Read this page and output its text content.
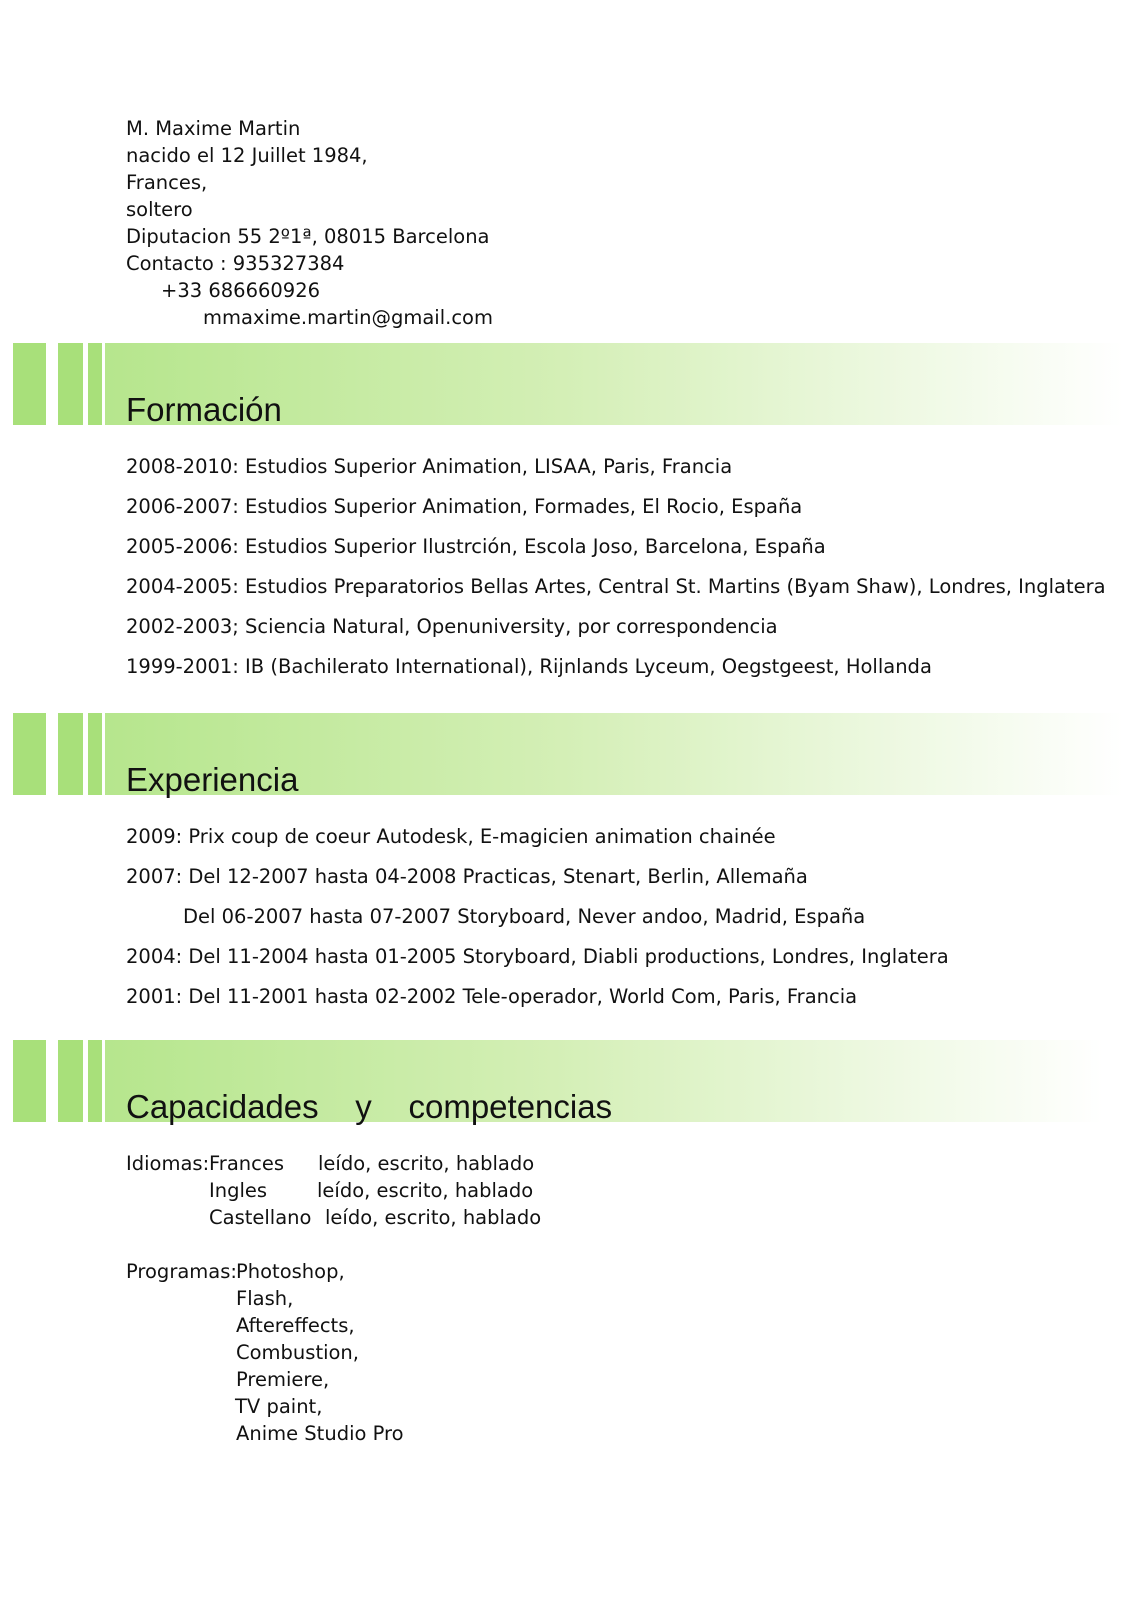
M. Maxime Martin
nacido el 12 Juillet 1984,
Frances,
soltero
Diputacion 55 2º1ª, 08015 Barcelona
Contacto : 935327384
+33 686660926
mmaxime.martin@gmail.com
Formación
2008-2010: Estudios Superior Animation, LISAA, Paris, Francia
2006-2007: Estudios Superior Animation, Formades, El Rocio, España
2005-2006: Estudios Superior Ilustrción, Escola Joso, Barcelona, España
2004-2005: Estudios Preparatorios Bellas Artes, Central St. Martins (Byam Shaw), Londres, Inglatera
2002-2003; Sciencia Natural, Openuniversity, por correspondencia
1999-2001: IB (Bachilerato International), Rijnlands Lyceum, Oegstgeest, Hollanda
Experiencia
2009: Prix coup de coeur Autodesk, E-magicien animation chainée
2007: Del 12-2007 hasta 04-2008 Practicas, Stenart, Berlin, Allemaña
Del 06-2007 hasta 07-2007 Storyboard, Never andoo, Madrid, España
2004: Del 11-2004 hasta 01-2005 Storyboard, Diabli productions, Londres, Inglatera
2001: Del 11-2001 hasta 02-2002 Tele-operador, World Com, Paris, Francia
Capacidades    y    competencias
Idiomas: Frances leído, escrito, hablado
Ingles	leído, escrito, hablado
Castellano leído, escrito, hablado
Programas: Photoshop,
Flash,
Aftereffects,
Combustion,
Premiere,
TV paint,
Anime Studio Pro
